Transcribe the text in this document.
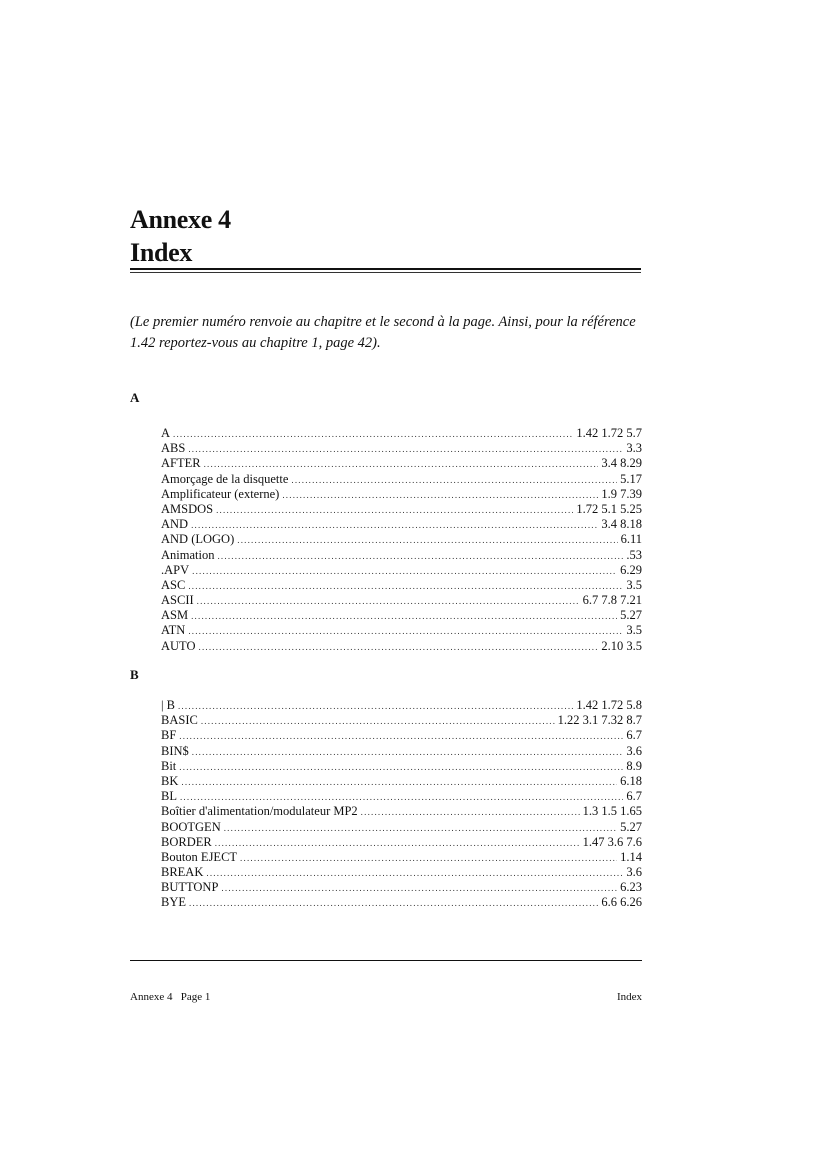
Annexe 4
Index
(Le premier numéro renvoie au chapitre et le second à la page. Ainsi, pour la référence 1.42 reportez-vous au chapitre 1, page 42).
A
A .....	1.42 1.72 5.7
ABS .....	3.3
AFTER .....	3.4 8.29
Amorçage de la disquette .....	5.17
Amplificateur (externe) .....	1.9 7.39
AMSDOS .....	1.72 5.1 5.25
AND .....	3.4 8.18
AND (LOGO) .....	6.11
Animation .....	.53
.APV .....	6.29
ASC .....	3.5
ASCII .....	6.7 7.8 7.21
ASM .....	5.27
ATN .....	3.5
AUTO .....	2.10 3.5
B
| B .....	1.42 1.72 5.8
BASIC .....	1.22 3.1 7.32 8.7
BF .....	6.7
BIN$ .....	3.6
Bit .....	8.9
BK .....	6.18
BL .....	6.7
Boîtier d'alimentation/modulateur MP2 .....	1.3 1.5 1.65
BOOTGEN .....	5.27
BORDER .....	1.47 3.6 7.6
Bouton EJECT .....	1.14
BREAK .....	3.6
BUTTONP .....	6.23
BYE .....	6.6 6.26
Annexe 4   Page 1	Index
